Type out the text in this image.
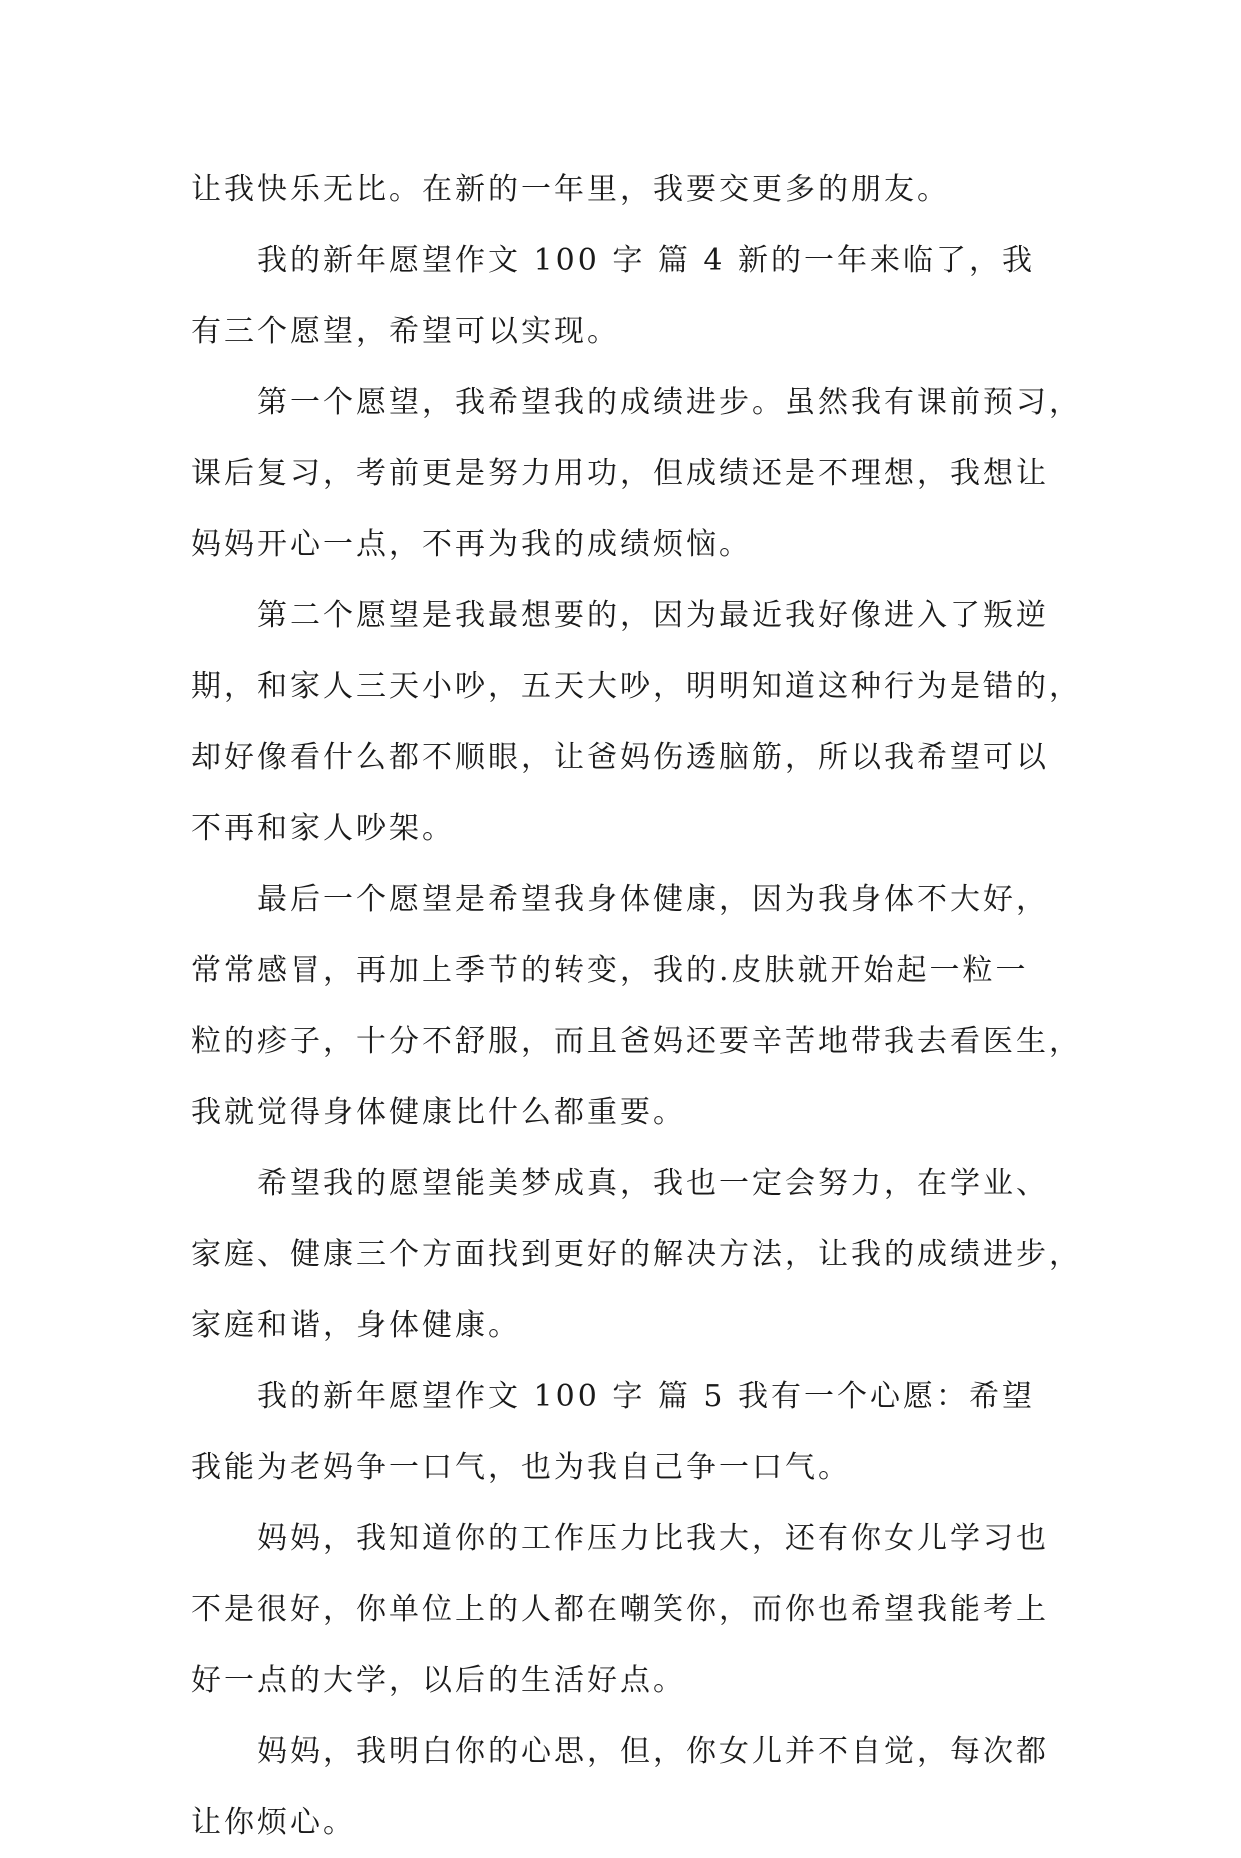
让我快乐无比。在新的一年里，我要交更多的朋友。
我的新年愿望作文 100 字 篇 4 新的一年来临了，我
有三个愿望，希望可以实现。
第一个愿望，我希望我的成绩进步。虽然我有课前预习，
课后复习，考前更是努力用功，但成绩还是不理想，我想让
妈妈开心一点，不再为我的成绩烦恼。
第二个愿望是我最想要的，因为最近我好像进入了叛逆
期，和家人三天小吵，五天大吵，明明知道这种行为是错的，
却好像看什么都不顺眼，让爸妈伤透脑筋，所以我希望可以
不再和家人吵架。
最后一个愿望是希望我身体健康，因为我身体不大好，
常常感冒，再加上季节的转变，我的.皮肤就开始起一粒一
粒的疹子，十分不舒服，而且爸妈还要辛苦地带我去看医生，
我就觉得身体健康比什么都重要。
希望我的愿望能美梦成真，我也一定会努力，在学业、
家庭、健康三个方面找到更好的解决方法，让我的成绩进步，
家庭和谐，身体健康。
我的新年愿望作文 100 字 篇 5 我有一个心愿：希望
我能为老妈争一口气，也为我自己争一口气。
妈妈，我知道你的工作压力比我大，还有你女儿学习也
不是很好，你单位上的人都在嘲笑你，而你也希望我能考上
好一点的大学，以后的生活好点。
妈妈，我明白你的心思，但，你女儿并不自觉，每次都
让你烦心。
